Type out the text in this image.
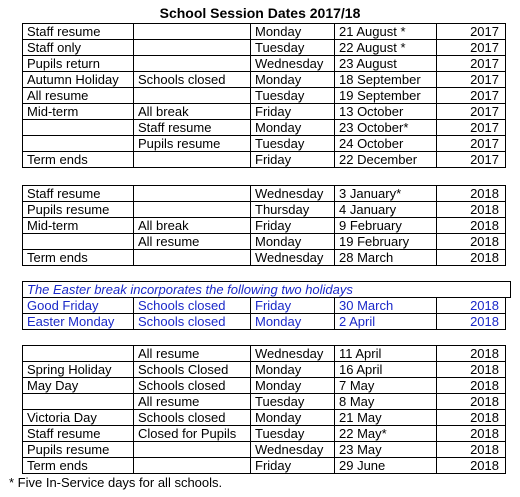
School Session Dates 2017/18
Staff resume		Monday	21 August *	2017
Staff only		Tuesday	22 August *	2017
Pupils return		Wednesday	23 August	2017
Autumn Holiday	Schools closed	Monday	18 September	2017
All resume		Tuesday	19 September	2017
Mid-term	All break	Friday	13 October	2017
	Staff resume	Monday	23 October*	2017
	Pupils resume	Tuesday	24 October	2017
Term ends		Friday	22 December	2017
Staff resume		Wednesday	3 January*	2018
Pupils resume		Thursday	4 January	2018
Mid-term	All break	Friday	9 February	2018
	All resume	Monday	19 February	2018
Term ends		Wednesday	28 March	2018
The Easter break incorporates the following two holidays
Good Friday	Schools closed	Friday	30 March	2018
Easter Monday	Schools closed	Monday	2 April	2018
	All resume	Wednesday	11 April	2018
Spring Holiday	Schools Closed	Monday	16 April	2018
May Day	Schools closed	Monday	7 May	2018
	All resume	Tuesday	8 May	2018
Victoria Day	Schools closed	Monday	21 May	2018
Staff resume	Closed for Pupils	Tuesday	22 May*	2018
Pupils resume		Wednesday	23 May	2018
Term ends		Friday	29 June	2018
* Five In-Service days for all schools.
